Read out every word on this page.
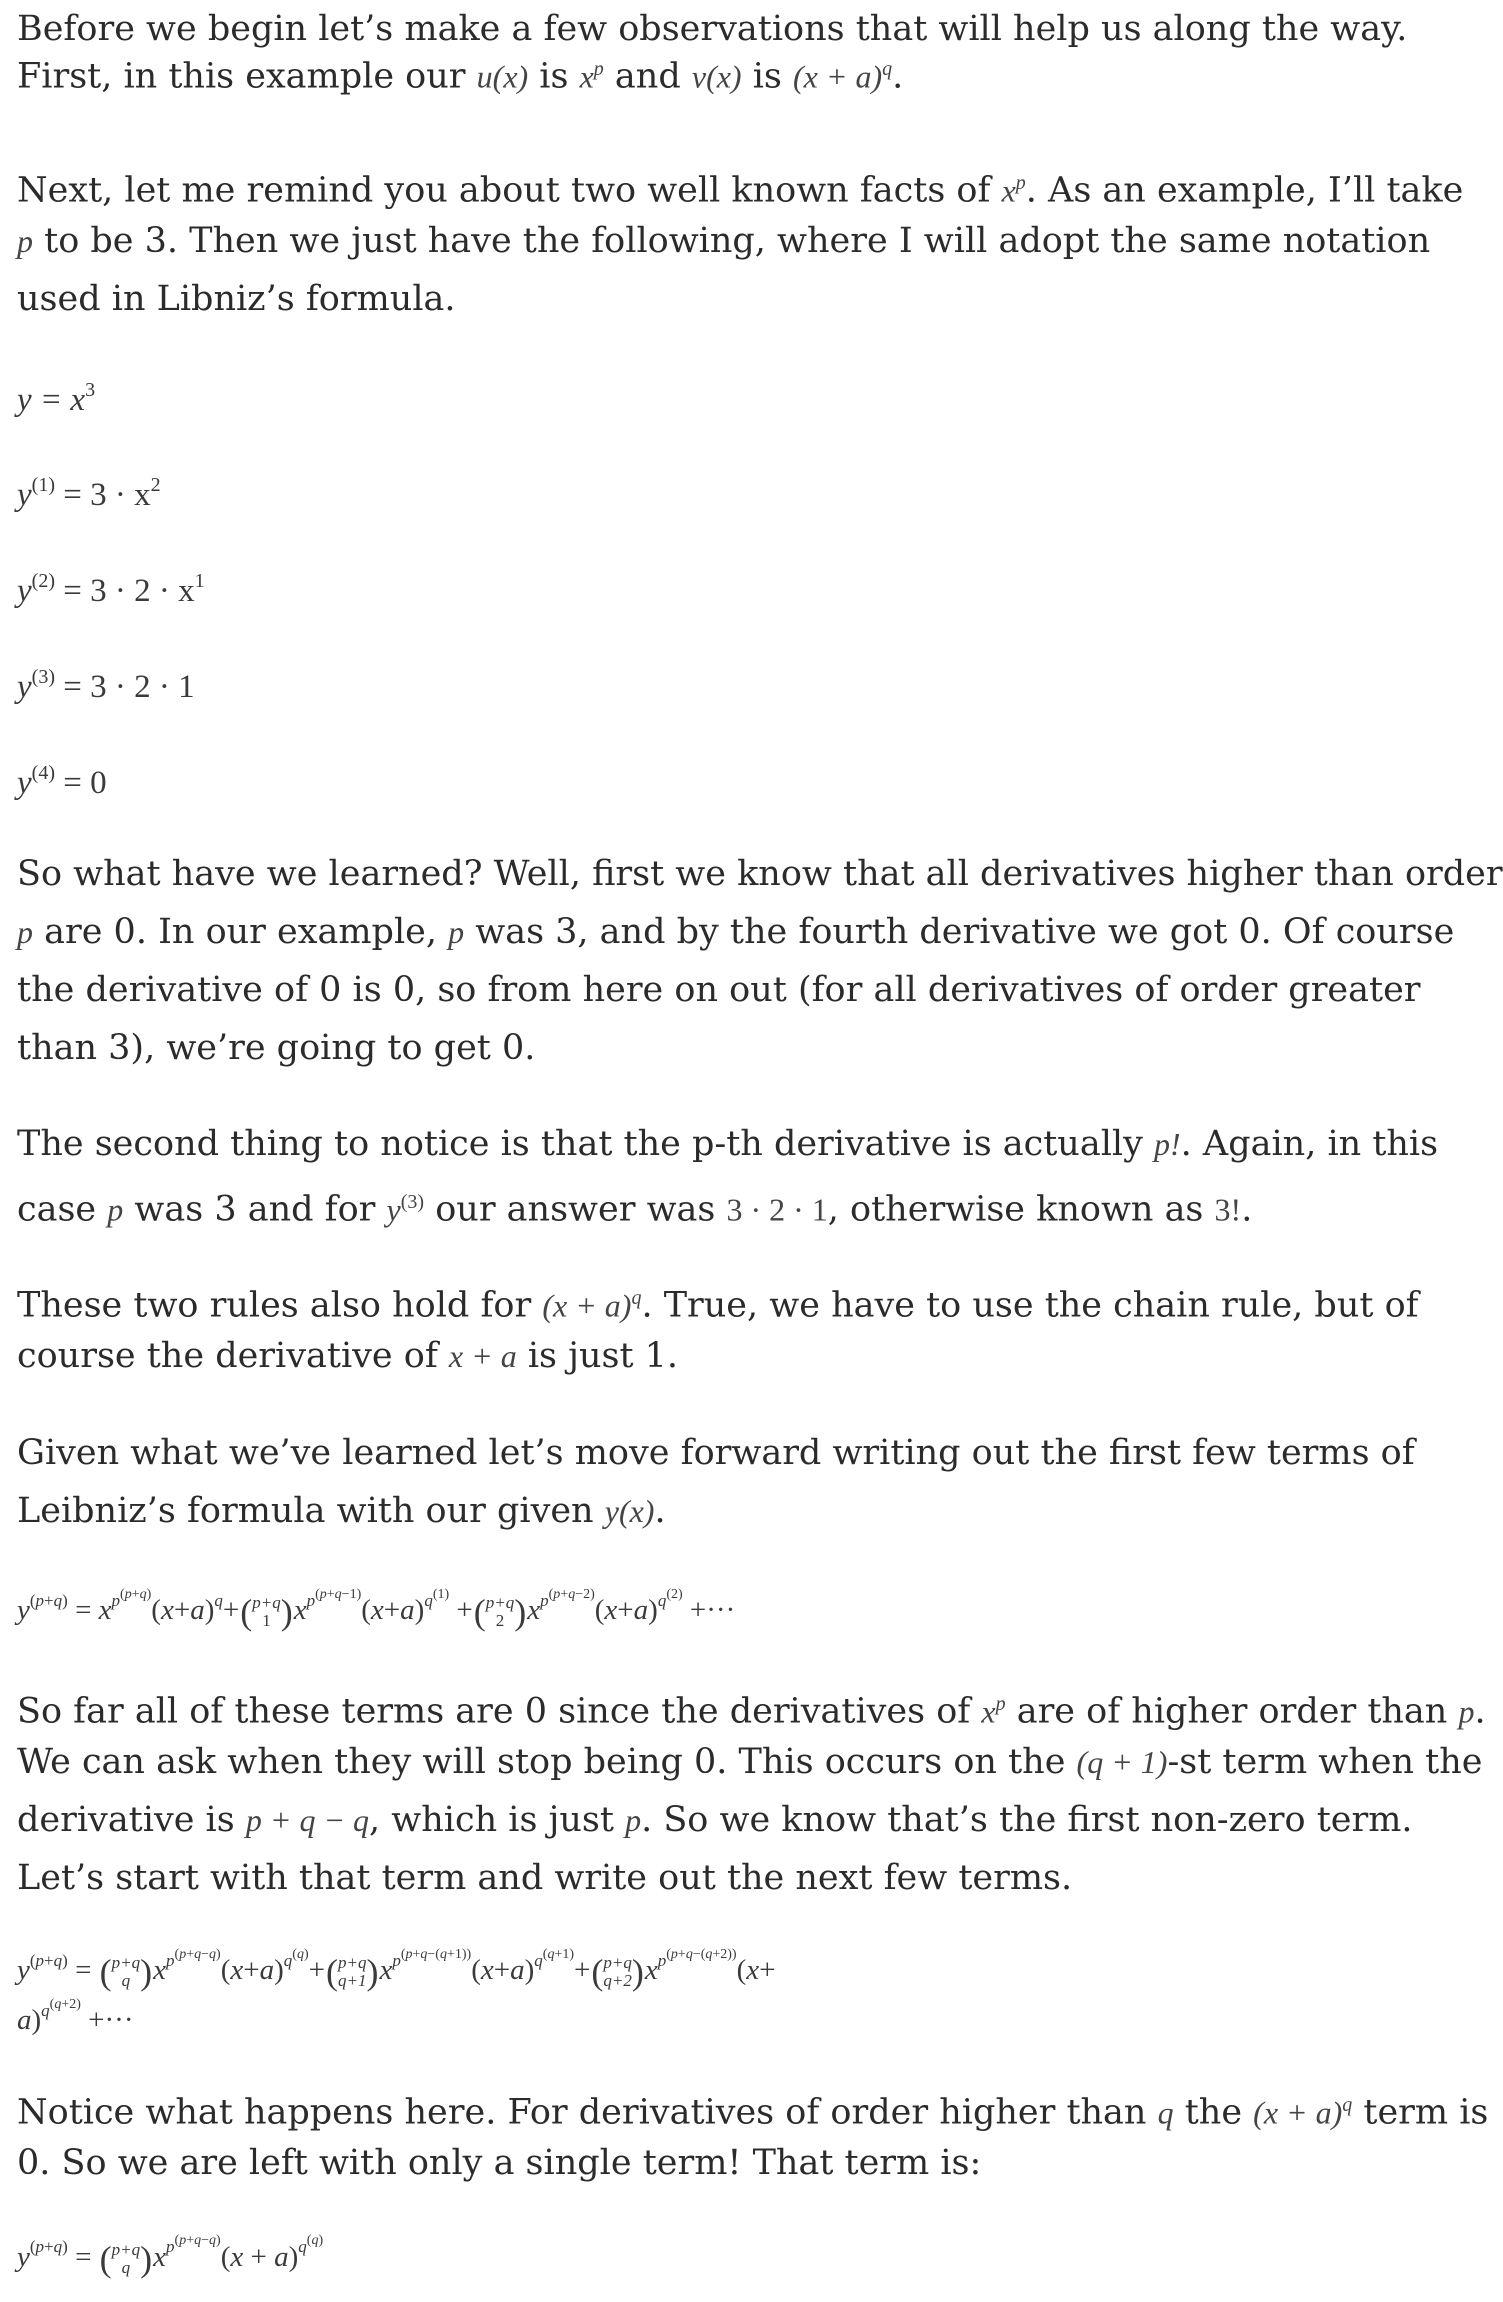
Before we begin let’s make a few observations that will help us along the way.

First, in this example our u(x) is $x^p$ and v(x) is $(x + a)^q$.

Next, let me remind you about two well known facts of $x^p$. As an example, I’ll take

p to be 3. Then we just have the following, where I will adopt the same notation

used in Libniz’s formula.

$y = x^3$
$y^{(1)} = 3 \cdot x^2$
$y^{(2)} = 3 \cdot 2 \cdot x^1$
$y^{(3)} = 3 \cdot 2 \cdot 1$
$y^{(4)} = 0$

So what have we learned? Well, first we know that all derivatives higher than order

p are 0. In our example, p was 3, and by the fourth derivative we got 0. Of course

the derivative of 0 is 0, so from here on out (for all derivatives of order greater

than 3), we’re going to get 0.

The second thing to notice is that the p-th derivative is actually p!. Again, in this

case p was 3 and for $y^{(3)}$ our answer was 3 · 2 · 1, otherwise known as 3!.

These two rules also hold for $(x + a)^q$. True, we have to use the chain rule, but of

course the derivative of x + a is just 1.

Given what we’ve learned let’s move forward writing out the first few terms of

Leibniz’s formula with our given y(x).

$y^{(p+q)} = x^{p^{(p+q)}}(x+a)^q+$( p+q
1 )$x^{p^{(p+q-1)}}(x+a)^{q^{(1)}}$ +( p+q
2 )$x^{p^{(p+q-2)}}(x+a)^{q^{(2)}}$ +···

So far all of these terms are 0 since the derivatives of $x^p$ are of higher order than p.

We can ask when they will stop being 0. This occurs on the (q + 1)-st term when the

derivative is p + q − q, which is just p. So we know that’s the first non-zero term.

Let’s start with that term and write out the next few terms.

$y^{(p+q)}$ = ( p+q
q )$x^{p^{(p+q-q)}}(x+a)^{q^{(q)}}+$( p+q
q+1 )$x^{p^{(p+q-(q+1))}}(x+a)^{q^{(q+1)}}+$( p+q
q+2 )$x^{p^{(p+q-(q+2))}}(x+$
a)$^{q^{(q+2)}}$ +···

Notice what happens here. For derivatives of order higher than q the $(x + a)^q$ term is

0. So we are left with only a single term! That term is:

$y^{(p+q)}$ = ( p+q
q )$x^{p^{(p+q-q)}}(x + a)^{q^{(q)}}$
